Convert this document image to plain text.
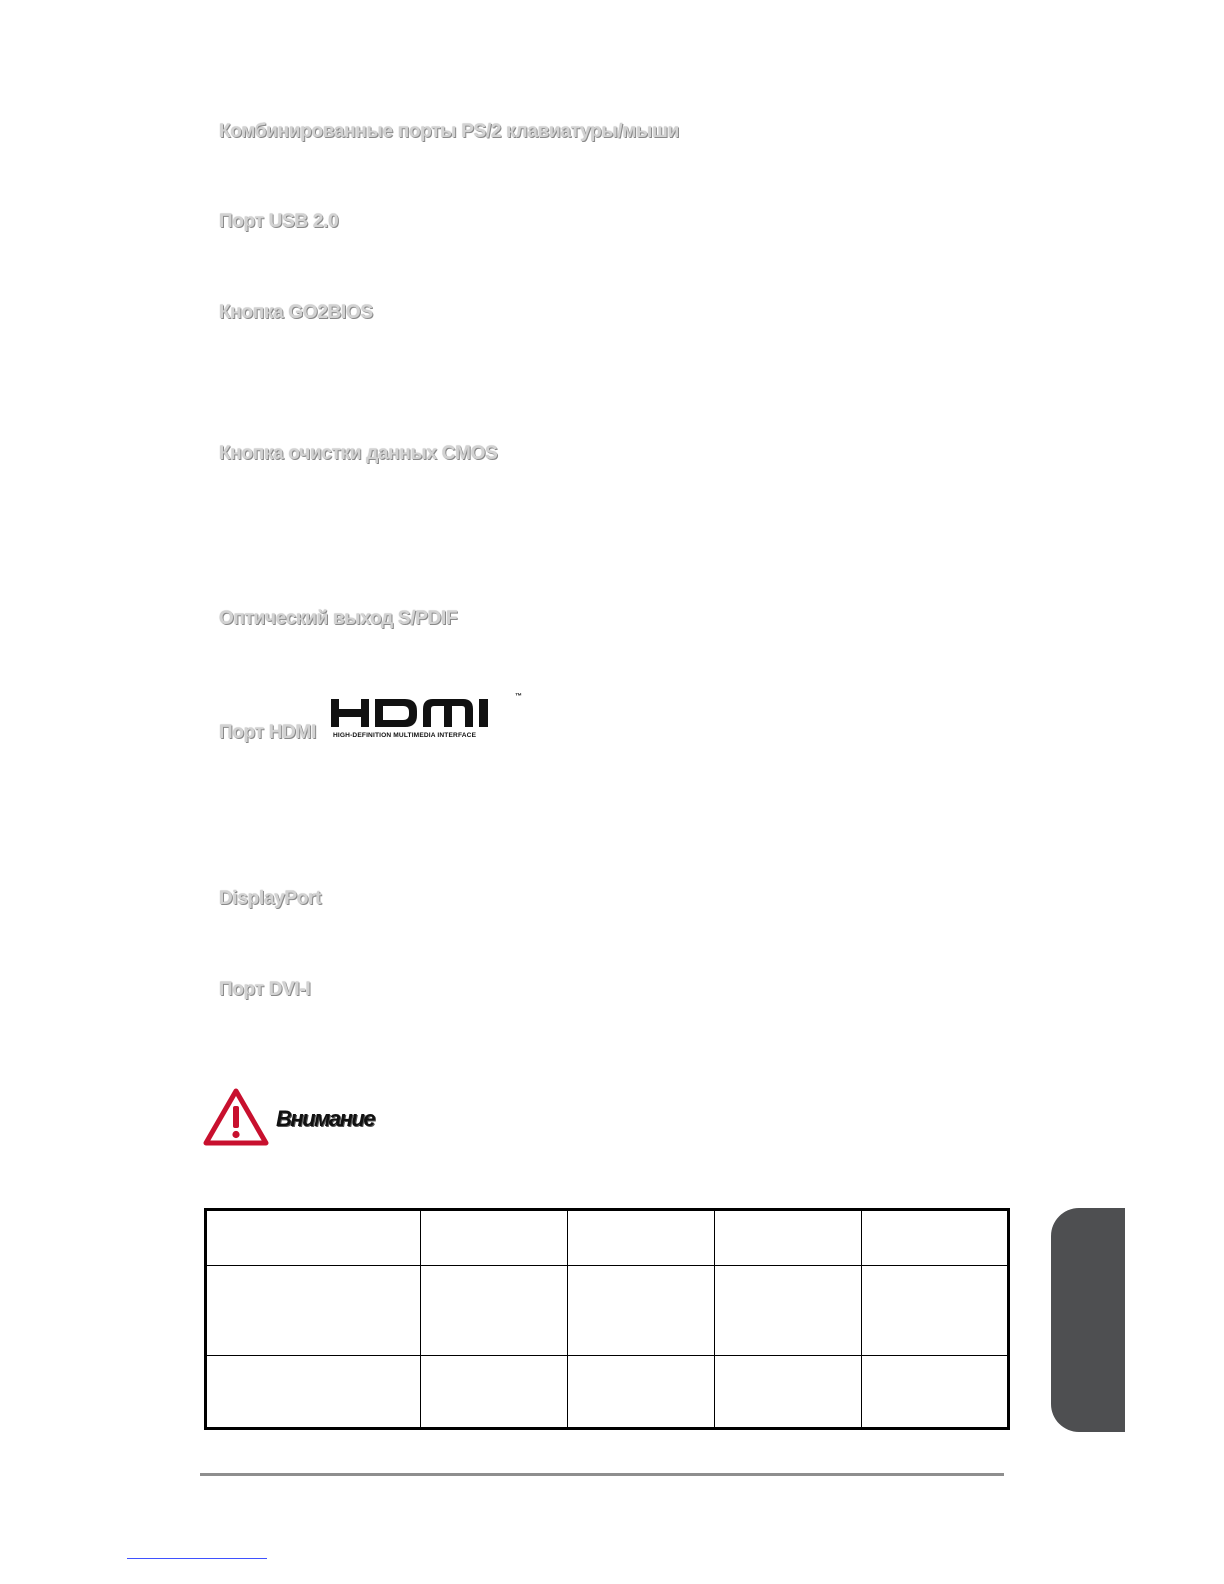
Комбинированные порты PS/2 клавиатуры/мыши
Порт USB 2.0
Кнопка GO2BIOS
Кнопка очистки данных CMOS
Оптический выход S/PDIF
Порт HDMI
™
HIGH-DEFINITION MULTIMEDIA INTERFACE
DisplayPort
Порт DVI-I
Внимание
